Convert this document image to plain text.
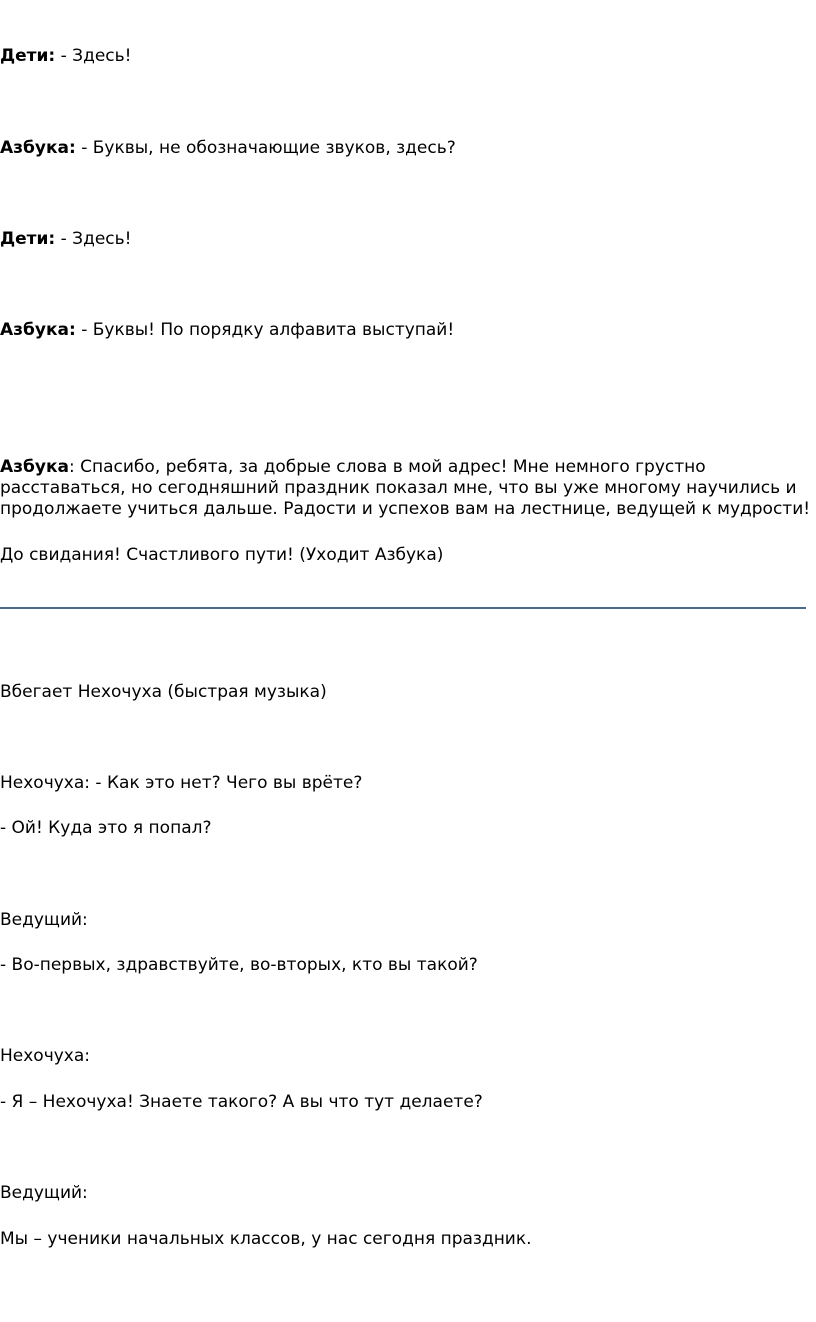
Дети: - Здесь!

Азбука: - Буквы, не обозначающие звуков, здесь?

Дети: - Здесь!

Азбука: - Буквы! По порядку алфавита выступай!

Азбука: Спасибо, ребята, за добрые слова в мой адрес! Мне немного грустно расставаться, но сегодняшний праздник показал мне, что вы уже многому научились и продолжаете учиться дальше. Радости и успехов вам на лестнице, ведущей к мудрости!

До свидания! Счастливого пути! (Уходит Азбука)

Вбегает Нехочуха (быстрая музыка)

Нехочуха: - Как это нет? Чего вы врёте?

- Ой! Куда это я попал?

Ведущий:

- Во-первых, здравствуйте, во-вторых, кто вы такой?

Нехочуха:

- Я – Нехочуха! Знаете такого? А вы что тут делаете?

Ведущий:

Мы – ученики начальных классов, у нас сегодня праздник.
